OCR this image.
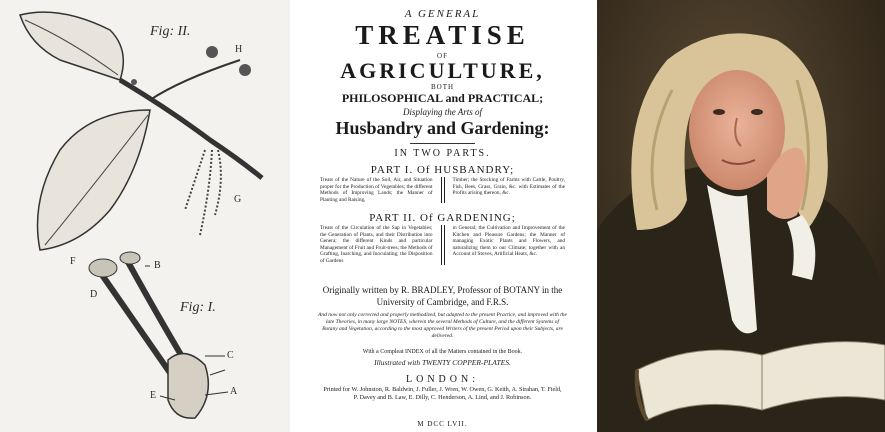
Fig: II.
Fig: I.
H
G
F	B
D
C
E	A
A GENERAL
TREATISE
OF
AGRICULTURE,
BOTH
PHILOSOPHICAL and PRACTICAL;
Displaying the Arts of
Husbandry and Gardening:
IN TWO PARTS.
PART I. Of HUSBANDRY;
Treats of the Nature of the Soil, Air, and Situation proper for the Production of Vegetables; the different Methods of Improving Lands; the Manner of Planting and Raising,
Timber; the Stocking of Farms with Cattle, Poultry, Fish, Bees, Grass, Grain, &c. with Estimates of the Profits arising thereon, &c.
PART II. Of GARDENING;
Treats of the Circulation of the Sap in Vegetables; the Generation of Plants, and their Distribution into Genera; the different Kinds and particular Management of Fruit and Fruit-trees; the Methods of Grafting, Inarching, and Inoculating; the Disposition of Gardens
in General; the Cultivation and Improvement of the Kitchen and Pleasure Gardens; the Manner of managing Exotic Plants and Flowers, and naturalizing them to our Climate; together with an Account of Stoves, Artificial Heats, &c.
Originally written by R. BRADLEY, Professor of BOTANY in the University of Cambridge, and F.R.S.
And now not only corrected and properly methodized, but adapted to the present Practice, and improved with the late Theories, in many large NOTES, wherein the several Methods of Culture, and the different Systems of Botany and Vegetation, according to the most approved Writers of the present Period upon their Subjects, are delivered.
With a Compleat INDEX of all the Matters contained in the Book.
Illustrated with TWENTY COPPER-PLATES.
LONDON:
Printed for W. Johnston, R. Baldwin, J. Fuller, J. Wren, W. Owen, G. Keith, A. Strahan, T. Field, P. Davey and B. Law, E. Dilly, C. Henderson, A. Lind, and J. Robinson.
M DCC LVII.
